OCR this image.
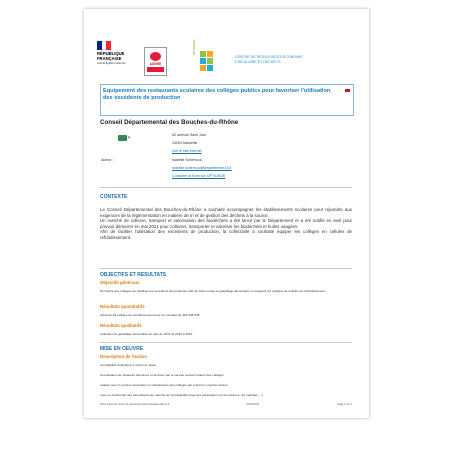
RÉPUBLIQUE
FRANÇAISE
Liberté Égalité Fraternité	ADEME
OPTIGEDE
CENTRE DE RESSOURCES ÉCONOMIE
CIRCULAIRE ET DÉCHETS
Equipement des restaurants scolaires des collèges publics pour favoriser l'utilisation des excédents de production
Conseil Départemental des Bouches-du-Rhône
▦
Auteur :
52 avenue Saint Just
13004 Marseille
Voir le site internet
Isabelle Schemoul
isabelle.schemoul@departement13.fr
Consulter la fiche sur OPTIGEDE
CONTEXTE
Le Conseil Départemental des Bouches-du-Rhône a souhaité accompagner les établissements scolaires pour répondre aux exigences de la réglementation en matière de tri et de gestion des déchets à la source.
Un marché de collecte, transport et valorisation des biodéchets a été lancé par le Département et a été notifié en avril pour pouvoir démarrer en mai 2021 pour collecter, transporter et valoriser les biodéchets et huiles usagées.
Afin de faciliter l'utilisation des excédents de production, la collectivité a souhaité équiper les collèges en cellules de refroidissement.
OBJECTIFS ET RESULTATS
Objectifs généraux
Permettre aux collèges de réutiliser les excédents de production afin de lutter contre le gaspillage alimentaire en équipant les collèges de cellules de refroidissement
Résultats quantitatifs
achat de 46 cellules de refroidissement pour un montant de 310 045.53€
Résultats qualitatifs
réduction du gaspillage alimentaire de plus de 40% de 2016 à 2023
MISE EN OEUVRE
Description de l'action
comptabilité analytique à mettre en place
Coordination de plusieurs directions et services par le service conseil métiers des collèges
relation avec le service rénovation et maintenance des collèges qui a lancé le marché cuisine
mise en conformité des fournisseurs du marché sur la traçabilité (logo des partenaires sur les factures, les marchés, ...)
Fiche issue du centre de ressources www.optigede.ademe.fr	16/04/2024	Page 1 sur 2
